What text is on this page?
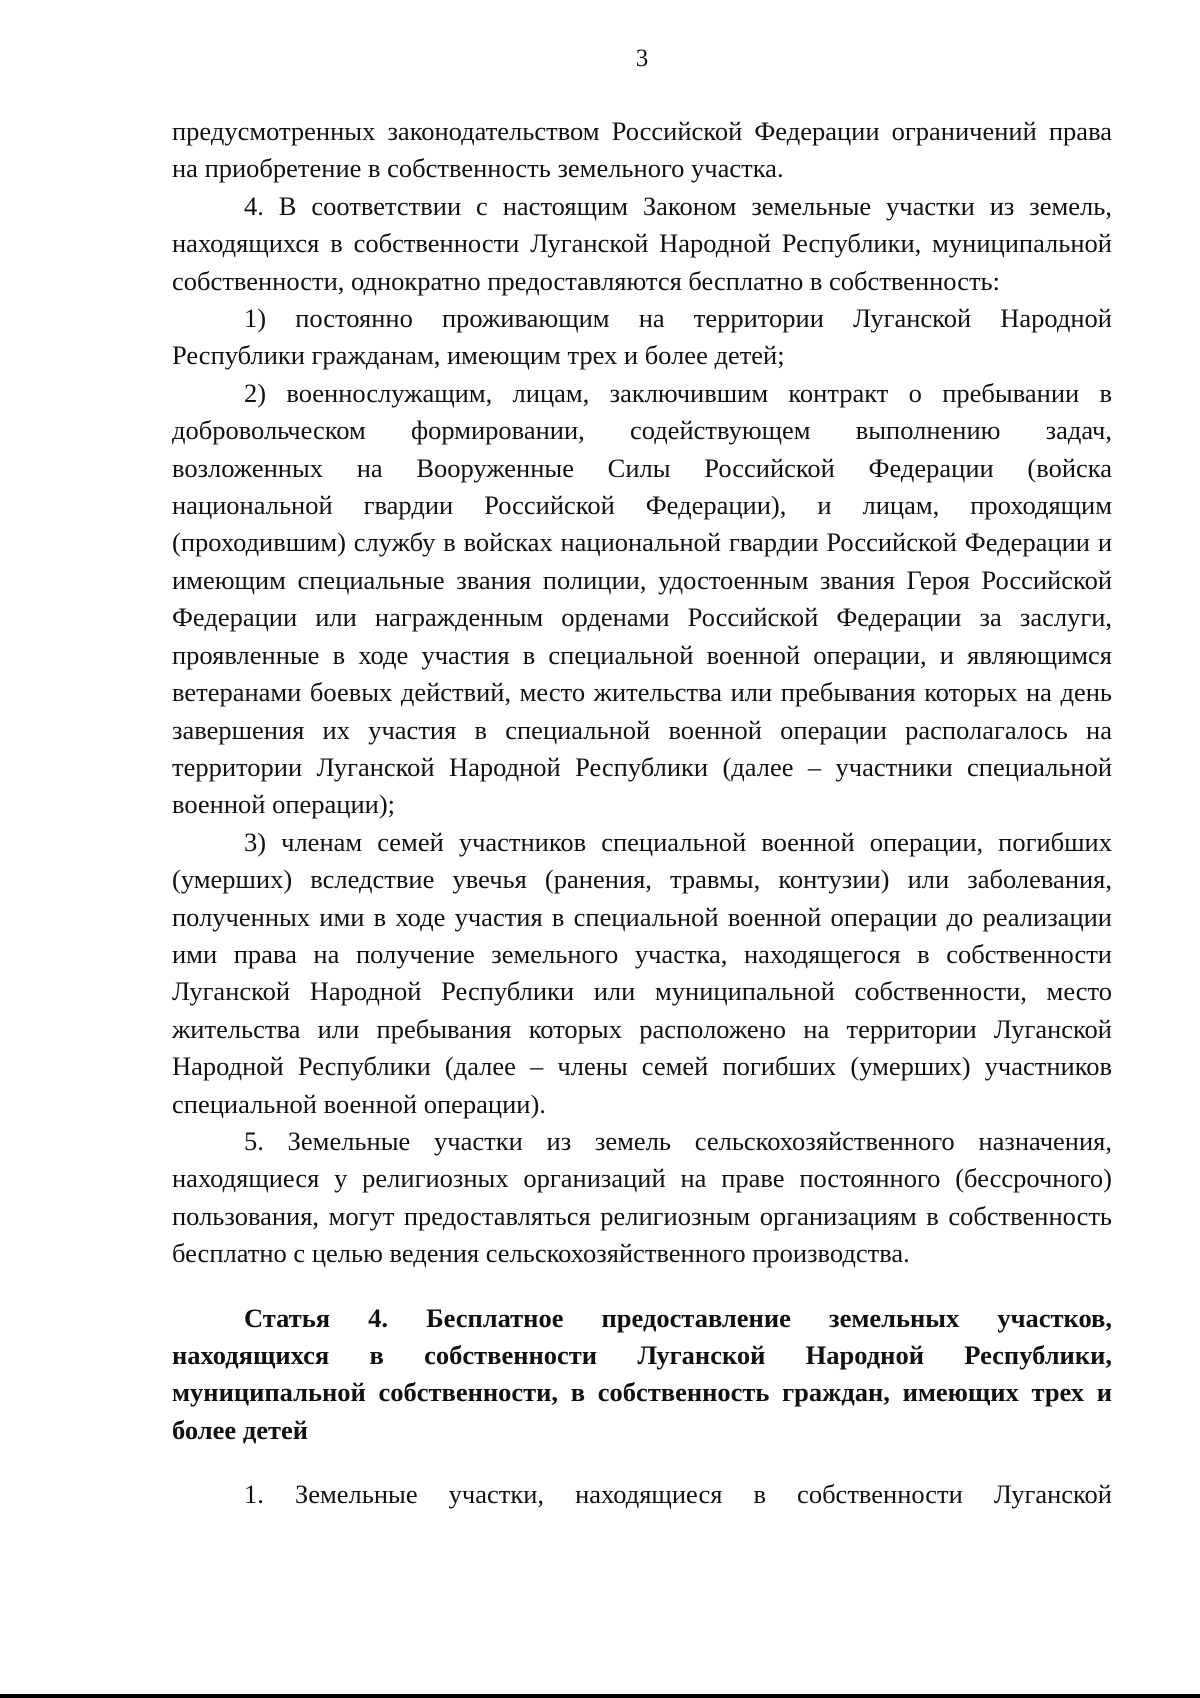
3

предусмотренных законодательством Российской Федерации ограничений права на приобретение в собственность земельного участка.

4. В соответствии с настоящим Законом земельные участки из земель, находящихся в собственности Луганской Народной Республики, муниципальной собственности, однократно предоставляются бесплатно в собственность:

1) постоянно проживающим на территории Луганской Народной Республики гражданам, имеющим трех и более детей;

2) военнослужащим, лицам, заключившим контракт о пребывании в добровольческом формировании, содействующем выполнению задач, возложенных на Вооруженные Силы Российской Федерации (войска национальной гвардии Российской Федерации), и лицам, проходящим (проходившим) службу в войсках национальной гвардии Российской Федерации и имеющим специальные звания полиции, удостоенным звания Героя Российской Федерации или награжденным орденами Российской Федерации за заслуги, проявленные в ходе участия в специальной военной операции, и являющимся ветеранами боевых действий, место жительства или пребывания которых на день завершения их участия в специальной военной операции располагалось на территории Луганской Народной Республики (далее – участники специальной военной операции);

3) членам семей участников специальной военной операции, погибших (умерших) вследствие увечья (ранения, травмы, контузии) или заболевания, полученных ими в ходе участия в специальной военной операции до реализации ими права на получение земельного участка, находящегося в собственности Луганской Народной Республики или муниципальной собственности, место жительства или пребывания которых расположено на территории Луганской Народной Республики (далее – члены семей погибших (умерших) участников специальной военной операции).

5. Земельные участки из земель сельскохозяйственного назначения, находящиеся у религиозных организаций на праве постоянного (бессрочного) пользования, могут предоставляться религиозным организациям в собственность бесплатно с целью ведения сельскохозяйственного производства.

Статья 4. Бесплатное предоставление земельных участков, находящихся в собственности Луганской Народной Республики, муниципальной собственности, в собственность граждан, имеющих трех и более детей

1. Земельные участки, находящиеся в собственности Луганской
